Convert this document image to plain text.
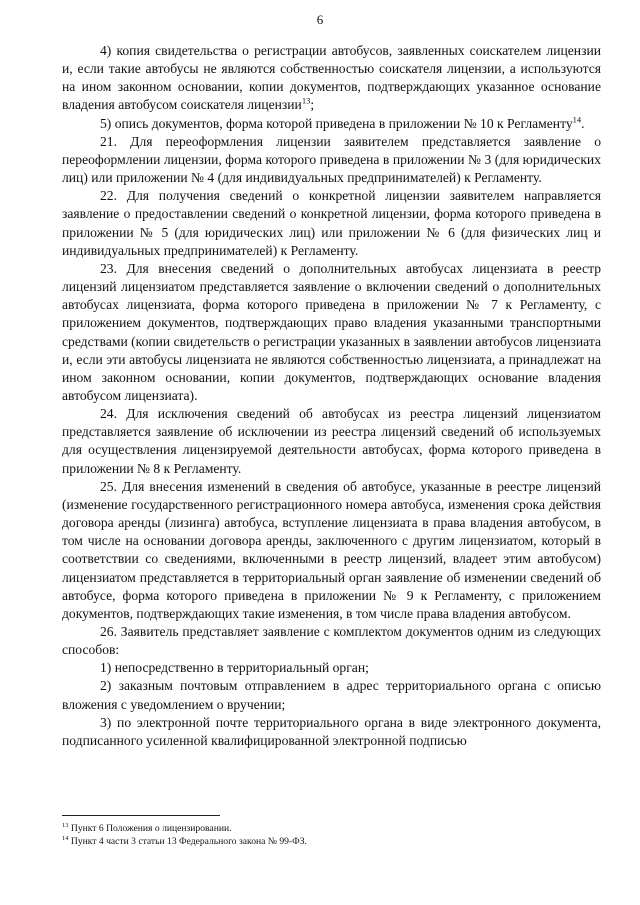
6

4) копия свидетельства о регистрации автобусов, заявленных соискателем лицензии и, если такие автобусы не являются собственностью соискателя лицензии, а используются на ином законном основании, копии документов, подтверждающих указанное основание владения автобусом соискателя лицензии$^{13}$;

5) опись документов, форма которой приведена в приложении № 10 к Регламенту$^{14}$.

21. Для переоформления лицензии заявителем представляется заявление о переоформлении лицензии, форма которого приведена в приложении № 3 (для юридических лиц) или приложении № 4 (для индивидуальных предпринимателей) к Регламенту.

22. Для получения сведений о конкретной лицензии заявителем направляется заявление о предоставлении сведений о конкретной лицензии, форма которого приведена в приложении № 5 (для юридических лиц) или приложении № 6 (для физических лиц и индивидуальных предпринимателей) к Регламенту.

23. Для внесения сведений о дополнительных автобусах лицензиата в реестр лицензий лицензиатом представляется заявление о включении сведений о дополнительных автобусах лицензиата, форма которого приведена в приложении № 7 к Регламенту, с приложением документов, подтверждающих право владения указанными транспортными средствами (копии свидетельств о регистрации указанных в заявлении автобусов лицензиата и, если эти автобусы лицензиата не являются собственностью лицензиата, а принадлежат на ином законном основании, копии документов, подтверждающих основание владения автобусом лицензиата).

24. Для исключения сведений об автобусах из реестра лицензий лицензиатом представляется заявление об исключении из реестра лицензий сведений об используемых для осуществления лицензируемой деятельности автобусах, форма которого приведена в приложении № 8 к Регламенту.

25. Для внесения изменений в сведения об автобусе, указанные в реестре лицензий (изменение государственного регистрационного номера автобуса, изменения срока действия договора аренды (лизинга) автобуса, вступление лицензиата в права владения автобусом, в том числе на основании договора аренды, заключенного с другим лицензиатом, который в соответствии со сведениями, включенными в реестр лицензий, владеет этим автобусом) лицензиатом представляется в территориальный орган заявление об изменении сведений об автобусе, форма которого приведена в приложении № 9 к Регламенту, с приложением документов, подтверждающих такие изменения, в том числе права владения автобусом.

26. Заявитель представляет заявление с комплектом документов одним из следующих способов:

1) непосредственно в территориальный орган;

2) заказным почтовым отправлением в адрес территориального органа с описью вложения с уведомлением о вручении;

3) по электронной почте территориального органа в виде электронного документа, подписанного усиленной квалифицированной электронной подписью

$^{13}$ Пункт 6 Положения о лицензировании.

$^{14}$ Пункт 4 части 3 статьи 13 Федерального закона № 99-ФЗ.
